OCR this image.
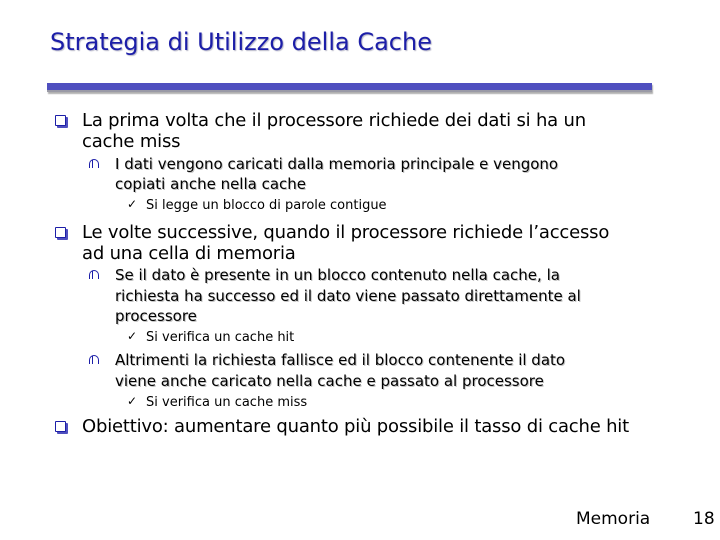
Strategia di Utilizzo della Cache
La prima volta che il processore richiede dei dati si ha un
cache miss
I dati vengono caricati dalla memoria principale e vengono
copiati anche nella cache
✓ Si legge un blocco di parole contigue
Le volte successive, quando il processore richiede l’accesso
ad una cella di memoria
Se il dato è presente in un blocco contenuto nella cache, la
richiesta ha successo ed il dato viene passato direttamente al
processore
✓ Si verifica un cache hit
Altrimenti la richiesta fallisce ed il blocco contenente il dato
viene anche caricato nella cache e passato al processore
✓ Si verifica un cache miss
Obiettivo: aumentare quanto più possibile il tasso di cache hit
Memoria	18
